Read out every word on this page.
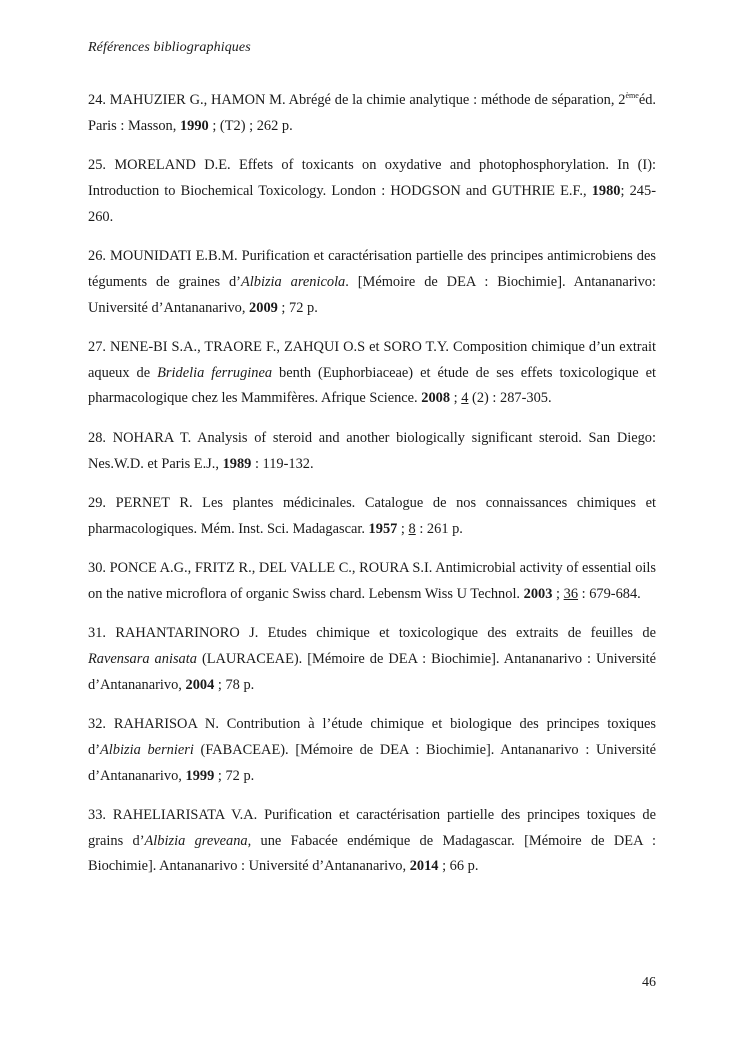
Références bibliographiques

24. MAHUZIER G., HAMON M. Abrégé de la chimie analytique : méthode de séparation, 2èmeéd. Paris : Masson, 1990 ; (T2) ; 262 p.

25. MORELAND D.E. Effets of toxicants on oxydative and photophosphorylation. In (I): Introduction to Biochemical Toxicology. London : HODGSON and GUTHRIE E.F., 1980; 245-260.

26. MOUNIDATI E.B.M. Purification et caractérisation partielle des principes antimicrobiens des téguments de graines d’Albizia arenicola. [Mémoire de DEA : Biochimie]. Antananarivo: Université d’Antananarivo, 2009 ; 72 p.

27. NENE-BI S.A., TRAORE F., ZAHQUI O.S et SORO T.Y. Composition chimique d’un extrait aqueux de Bridelia ferruginea benth (Euphorbiaceae) et étude de ses effets toxicologique et pharmacologique chez les Mammifères. Afrique Science. 2008 ; 4 (2) : 287-305.

28. NOHARA T. Analysis of steroid and another biologically significant steroid. San Diego: Nes.W.D. et Paris E.J., 1989 : 119-132.

29. PERNET R. Les plantes médicinales. Catalogue de nos connaissances chimiques et pharmacologiques. Mém. Inst. Sci. Madagascar. 1957 ; 8 : 261 p.

30. PONCE A.G., FRITZ R., DEL VALLE C., ROURA S.I. Antimicrobial activity of essential oils on the native microflora of organic Swiss chard. Lebensm Wiss U Technol. 2003 ; 36 : 679-684.

31. RAHANTARINORO J. Etudes chimique et toxicologique des extraits de feuilles de Ravensara anisata (LAURACEAE). [Mémoire de DEA : Biochimie]. Antananarivo : Université d’Antananarivo, 2004 ; 78 p.

32. RAHARISOA N. Contribution à l’étude chimique et biologique des principes toxiques d’Albizia bernieri (FABACEAE). [Mémoire de DEA : Biochimie]. Antananarivo : Université d’Antananarivo, 1999 ; 72 p.

33. RAHELIARISATA V.A. Purification et caractérisation partielle des principes toxiques de grains d’Albizia greveana, une Fabacée endémique de Madagascar. [Mémoire de DEA : Biochimie]. Antananarivo : Université d’Antananarivo, 2014 ; 66 p.

46
